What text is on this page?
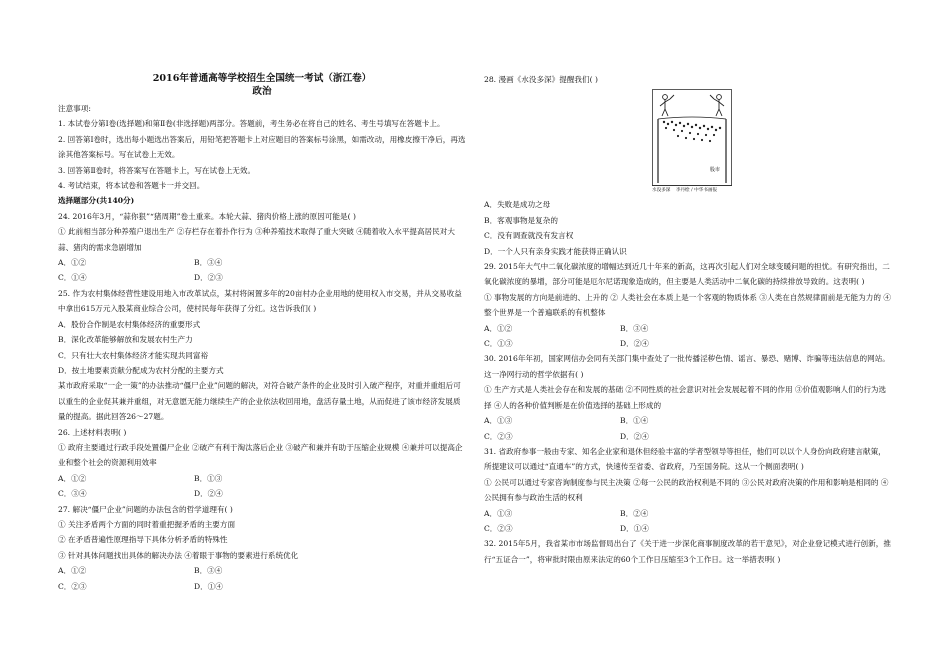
2016年普通高等学校招生全国统一考试（浙江卷）
政治

注意事项:

1. 本试卷分第Ⅰ卷(选择题)和第Ⅱ卷(非选择题)两部分。答题前，考生务必在将自己的姓名、考生号填写在答题卡上。

2. 回答第Ⅰ卷时，选出每小题选出答案后，用铅笔把答题卡上对应题目的答案标号涂黑，如需改动，用橡皮擦干净后，再选涂其他答案标号。写在试卷上无效。

3. 回答第Ⅱ卷时，将答案写在答题卡上，写在试卷上无效。

4. 考试结束，将本试卷和答题卡一并交回。

选择题部分(共140分)

24. 2016年3月，“蒜你狠”“猪周期”卷土重来。本轮大蒜、猪肉价格上涨的原因可能是( )

① 此前相当部分种养殖户退出生产 ②存栏存在着扑作行为 ③种养殖技术取得了重大突破 ④随着收入水平提高居民对大蒜、猪肉的需求急剧增加

A．①②	B．③④
C．①④	D．②③

25. 作为农村集体经营性建设用地入市改革试点，某村将闲置多年的20亩村办企业用地的使用权入市交易，并从交易收益中拿出615万元入股某商业综合公司，使村民每年获得了分红。这告诉我们( )

A．股份合作制是农村集体经济的重要形式

B．深化改革能够解放和发展农村生产力

C．只有壮大农村集体经济才能实现共同富裕

D．按土地要素贡献分配成为农村分配的主要方式

某市政府采取“一企一策”的办法推动“僵尸企业”问题的解决，对符合破产条件的企业及时引入破产程序，对重并重组后可以重生的企业促其兼并重组，对无意愿无能力继续生产的企业依法收回用地，盘活存量土地，从而促进了该市经济发展质量的提高。据此回答26～27题。

26. 上述材料表明( )

① 政府主要通过行政手段处置僵尸企业 ②破产有利于淘汰落后企业 ③破产和兼并有助于压缩企业规模 ④兼并可以提高企业和整个社会的资源利用效率

A．①②	B．①③
C．③④	D．②④

27. 解决“僵尸企业”问题的办法包含的哲学道理有( )

① 关注矛盾两个方面的同时着重把握矛盾的主要方面

② 在矛盾普遍性原理指导下具体分析矛盾的特殊性

③ 针对具体问题找出具体的解决办法 ④着眼于事物的要素进行系统优化

A．①②	B．③④
C．②③	D．①④

28. 漫画《水没多深》提醒我们( )

股市
水没多深 李丹绘 / 中华书画报

A．失败是成功之母

B．客观事物是复杂的

C．没有调查就没有发言权

D．一个人只有亲身实践才能获得正确认识

29. 2015年大气中二氧化碳浓度的增幅达到近几十年来的新高，这再次引起人们对全球变暖问题的担忧。有研究指出，二氧化碳浓度的暴增，部分可能是厄尔尼诺现象造成的，但主要是人类活动中二氧化碳的持续排放导致的。这表明( )

① 事物发展的方向是前进的、上升的 ② 人类社会在本质上是一个客观的物质体系 ③人类在自然规律面前是无能为力的 ④整个世界是一个普遍联系的有机整体

A．①②	B．③④
C．①③	D．②④

30. 2016年年初，国家网信办会同有关部门集中查处了一批传播淫秽色情、谣言、暴恐、赌博、诈骗等违法信息的网站。这一净网行动的哲学依据有( )

① 生产方式是人类社会存在和发展的基础 ②不同性质的社会意识对社会发展起着不同的作用 ③价值观影响人们的行为选择 ④人的各种价值判断是在价值选择的基础上形成的

A．①③	B．①④
C．②③	D．②④

31. 省政府参事一般由专家、知名企业家和退休但经验丰富的学者型领导等担任，他们可以以个人身份向政府建言献策，所提建议可以通过“直通车”的方式，快速传至省委、省政府，乃至国务院。这从一个侧面表明( )

① 公民可以通过专家咨询制度参与民主决策 ②每一公民的政治权利是不同的 ③公民对政府决策的作用和影响是相同的 ④公民拥有参与政治生活的权利

A．①③	B．②④
C．②③	D．①④

32. 2015年5月，我省某市市场监督局出台了《关于进一步深化商事制度改革的若干意见》，对企业登记模式进行创新，推行“五证合一”，将审批时限由原来法定的60个工作日压缩至3个工作日。这一举措表明( )
